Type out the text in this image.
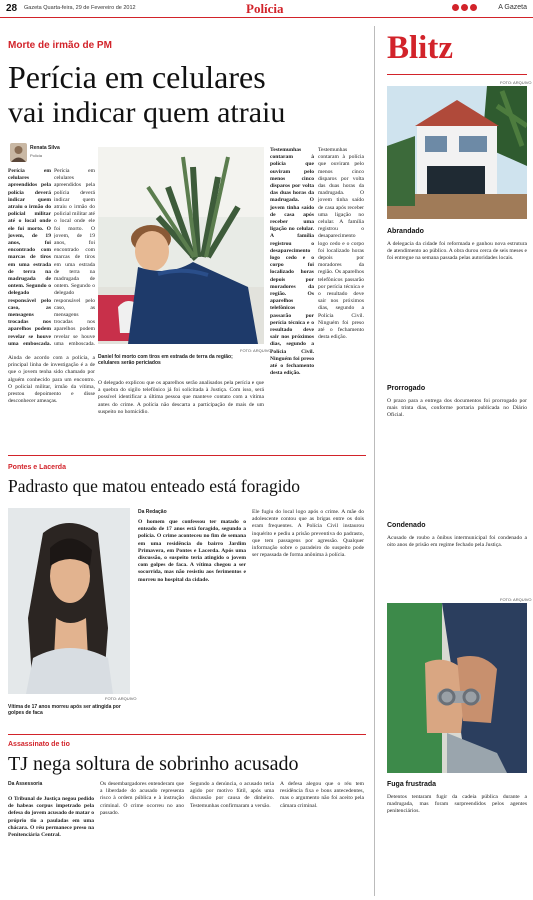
28 Gazeta Quarta-feira, 29 de Fevereiro de 2012	Polícia	A Gazeta
Morte de irmão de PM
Perícia em celulares
vai indicar quem atraiu
Renata Silva
Polícia
Perícia em celulares apreendidos pela polícia deverá indicar quem atraiu o irmão do policial militar até o local onde ele foi morto. O jovem, de 19 anos, foi encontrado com marcas de tiros em uma estrada de terra na madrugada de ontem. Segundo o delegado responsável pelo caso, as mensagens trocadas nos aparelhos podem revelar se houve uma emboscada.
Perícia em celulares apreendidos pela polícia deverá indicar quem atraiu o irmão do policial militar até o local onde ele foi morto. O jovem, de 19 anos, foi encontrado com marcas de tiros em uma estrada de terra na madrugada de ontem. Segundo o delegado responsável pelo caso, as mensagens trocadas nos aparelhos podem revelar se houve uma emboscada.
Ainda de acordo com a polícia, a principal linha de investigação é a de que o jovem tenha sido chamado por alguém conhecido para um encontro. O policial militar, irmão da vítima, prestou depoimento e disse desconhecer ameaças.
FOTO: ARQUIVO
Daniel foi morto com tiros em estrada de terra da região; celulares serão periciados
Testemunhas contaram à polícia que ouviram pelo menos cinco disparos por volta das duas horas da madrugada. O jovem tinha saído de casa após receber uma ligação no celular. A família registrou o desaparecimento logo cedo e o corpo foi localizado horas depois por moradores da região. Os aparelhos telefônicos passarão por perícia técnica e o resultado deve sair nos próximos dias, segundo a Polícia Civil. Ninguém foi preso até o fechamento desta edição.
Testemunhas contaram à polícia que ouviram pelo menos cinco disparos por volta das duas horas da madrugada. O jovem tinha saído de casa após receber uma ligação no celular. A família registrou o desaparecimento logo cedo e o corpo foi localizado horas depois por moradores da região. Os aparelhos telefônicos passarão por perícia técnica e o resultado deve sair nos próximos dias, segundo a Polícia Civil. Ninguém foi preso até o fechamento desta edição.
O delegado explicou que os aparelhos serão analisados pela perícia e que a quebra do sigilo telefônico já foi solicitada à Justiça. Com isso, será possível identificar a última pessoa que manteve contato com a vítima antes do crime. A polícia não descarta a participação de mais de um suspeito no homicídio.
Pontes e Lacerda
Padrasto que matou enteado está foragido
FOTO: ARQUIVO
Vítima de 17 anos morreu após ser atingida por golpes de faca
Da Redação
O homem que confessou ter matado o enteado de 17 anos está foragido, segundo a polícia. O crime aconteceu no fim de semana em uma residência do bairro Jardim Primavera, em Pontes e Lacerda. Após uma discussão, o suspeito teria atingido o jovem com golpes de faca. A vítima chegou a ser socorrida, mas não resistiu aos ferimentos e morreu no hospital da cidade.
Ele fugiu do local logo após o crime. A mãe do adolescente contou que as brigas entre os dois eram frequentes. A Polícia Civil instaurou inquérito e pediu a prisão preventiva do padrasto, que tem passagens por agressão. Qualquer informação sobre o paradeiro do suspeito pode ser repassada de forma anônima à polícia.
Assassinato de tio
TJ nega soltura de sobrinho acusado
Da Assessoria
O Tribunal de Justiça negou pedido de habeas corpus impetrado pela defesa do jovem acusado de matar o próprio tio a pauladas em uma chácara. O réu permanece preso na Penitenciária Central.
Os desembargadores entenderam que a liberdade do acusado representa risco à ordem pública e à instrução criminal. O crime ocorreu no ano passado.
Segundo a denúncia, o acusado teria agido por motivo fútil, após uma discussão por causa de dinheiro. Testemunhas confirmaram a versão.
A defesa alegou que o réu tem residência fixa e bons antecedentes, mas o argumento não foi aceito pela câmara criminal.
Blitz
FOTO: ARQUIVO
Abrandado
A delegacia da cidade foi reformada e ganhou nova estrutura de atendimento ao público. A obra durou cerca de seis meses e foi entregue na semana passada pelas autoridades locais.
Prorrogado
O prazo para a entrega dos documentos foi prorrogado por mais trinta dias, conforme portaria publicada no Diário Oficial.
Condenado
Acusado de roubo a ônibus intermunicipal foi condenado a oito anos de prisão em regime fechado pela Justiça.
FOTO: ARQUIVO
Fuga frustrada
Detentos tentaram fugir da cadeia pública durante a madrugada, mas foram surpreendidos pelos agentes penitenciários.
